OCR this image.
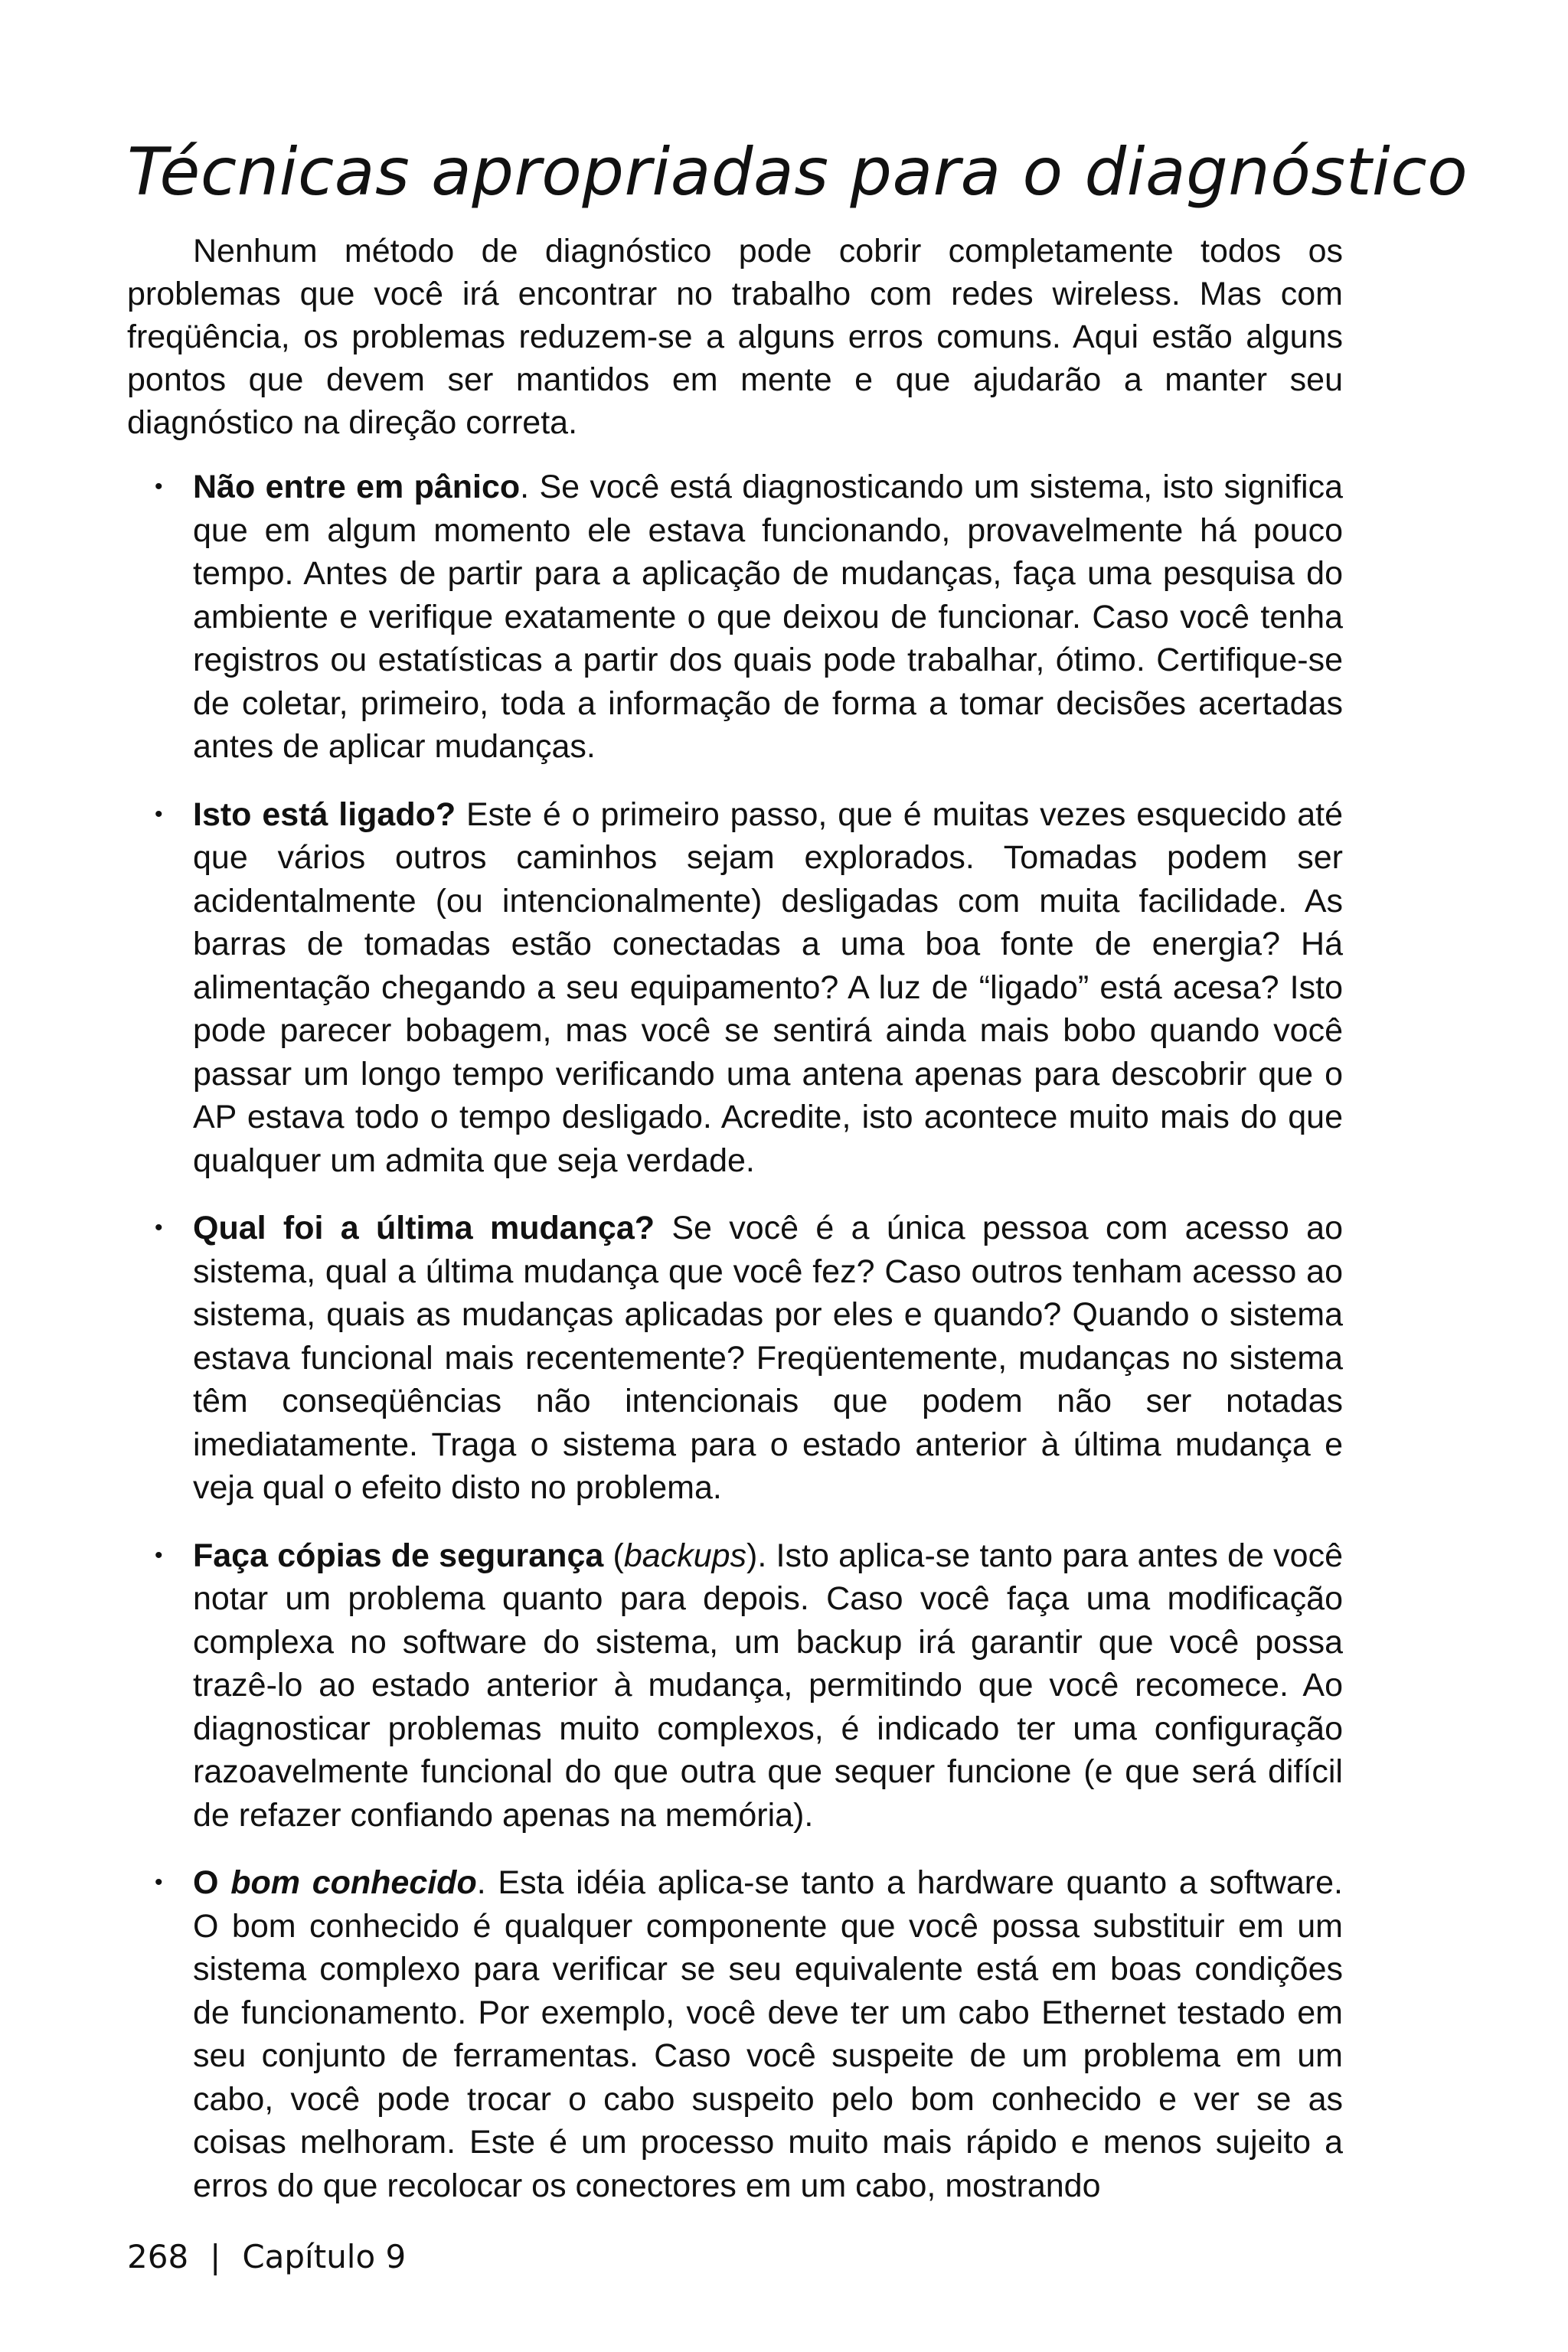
Técnicas apropriadas para o diagnóstico

Nenhum método de diagnóstico pode cobrir completamente todos os problemas que você irá encontrar no trabalho com redes wireless. Mas com freqüência, os problemas reduzem-se a alguns erros comuns. Aqui estão alguns pontos que devem ser mantidos em mente e que ajudarão a manter seu diagnóstico na direção correta.

• Não entre em pânico. Se você está diagnosticando um sistema, isto significa que em algum momento ele estava funcionando, provavelmente há pouco tempo. Antes de partir para a aplicação de mudanças, faça uma pesquisa do ambiente e verifique exatamente o que deixou de funcionar. Caso você tenha registros ou estatísticas a partir dos quais pode trabalhar, ótimo. Certifique-se de coletar, primeiro, toda a informação de forma a tomar decisões acertadas antes de aplicar mudanças.
• Isto está ligado? Este é o primeiro passo, que é muitas vezes esquecido até que vários outros caminhos sejam explorados. Tomadas podem ser acidentalmente (ou intencionalmente) desligadas com muita facilidade. As barras de tomadas estão conectadas a uma boa fonte de energia? Há alimentação chegando a seu equipamento? A luz de “ligado” está acesa? Isto pode parecer bobagem, mas você se sentirá ainda mais bobo quando você passar um longo tempo verificando uma antena apenas para descobrir que o AP estava todo o tempo desligado. Acredite, isto acontece muito mais do que qualquer um admita que seja verdade.
• Qual foi a última mudança? Se você é a única pessoa com acesso ao sistema, qual a última mudança que você fez? Caso outros tenham acesso ao sistema, quais as mudanças aplicadas por eles e quando? Quando o sistema estava funcional mais recentemente? Freqüentemente, mudanças no sistema têm conseqüências não intencionais que podem não ser notadas imediatamente. Traga o sistema para o estado anterior à última mudança e veja qual o efeito disto no problema.
• Faça cópias de segurança (backups). Isto aplica-se tanto para antes de você notar um problema quanto para depois. Caso você faça uma modificação complexa no software do sistema, um backup irá garantir que você possa trazê-lo ao estado anterior à mudança, permitindo que você recomece. Ao diagnosticar problemas muito complexos, é indicado ter uma configuração razoavelmente funcional do que outra que sequer funcione (e que será difícil de refazer confiando apenas na memória).
• O bom conhecido. Esta idéia aplica-se tanto a hardware quanto a software. O bom conhecido é qualquer componente que você possa substituir em um sistema complexo para verificar se seu equivalente está em boas condições de funcionamento. Por exemplo, você deve ter um cabo Ethernet testado em seu conjunto de ferramentas. Caso você suspeite de um problema em um cabo, você pode trocar o cabo suspeito pelo bom conhecido e ver se as coisas melhoram. Este é um processo muito mais rápido e menos sujeito a erros do que recolocar os conectores em um cabo, mostrando
268 | Capítulo 9
